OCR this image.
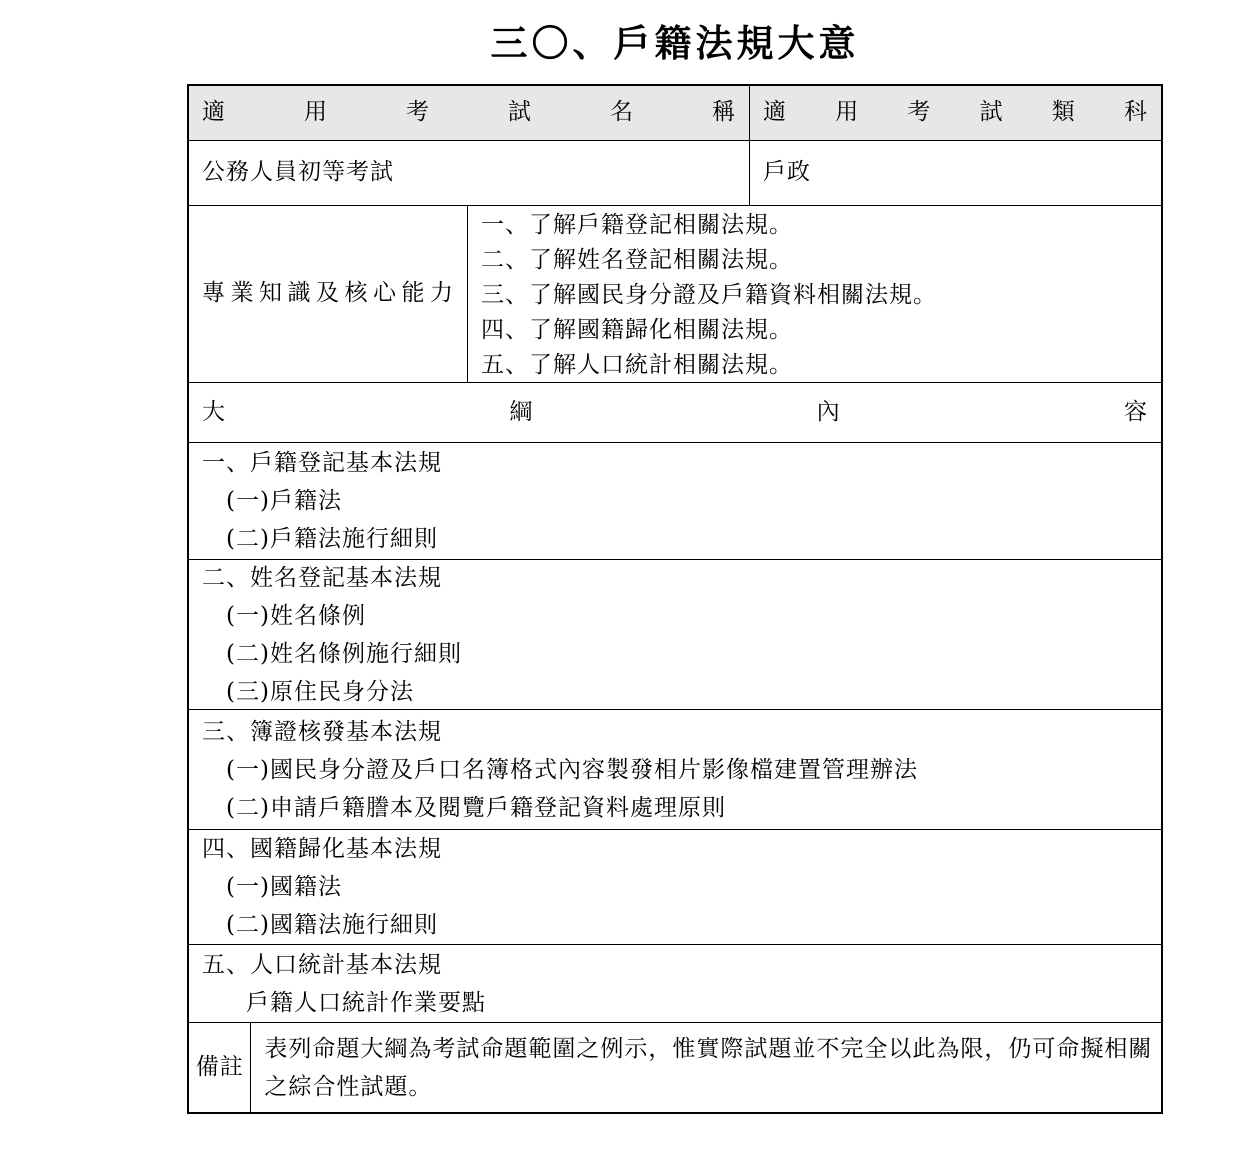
三〇、戶籍法規大意
適用考試名稱	適用考試類科
公務人員初等考試	戶政
專業知識及核心能力
一、了解戶籍登記相關法規。
二、了解姓名登記相關法規。
三、了解國民身分證及戶籍資料相關法規。
四、了解國籍歸化相關法規。
五、了解人口統計相關法規。
大綱內容
一、戶籍登記基本法規
(一)戶籍法
(二)戶籍法施行細則
二、姓名登記基本法規
(一)姓名條例
(二)姓名條例施行細則
(三)原住民身分法
三、簿證核發基本法規
(一)國民身分證及戶口名簿格式內容製發相片影像檔建置管理辦法
(二)申請戶籍謄本及閱覽戶籍登記資料處理原則
四、國籍歸化基本法規
(一)國籍法
(二)國籍法施行細則
五、人口統計基本法規
戶籍人口統計作業要點
備註
表列命題大綱為考試命題範圍之例示，惟實際試題並不完全以此為限，仍可命擬相關之綜合性試題。
